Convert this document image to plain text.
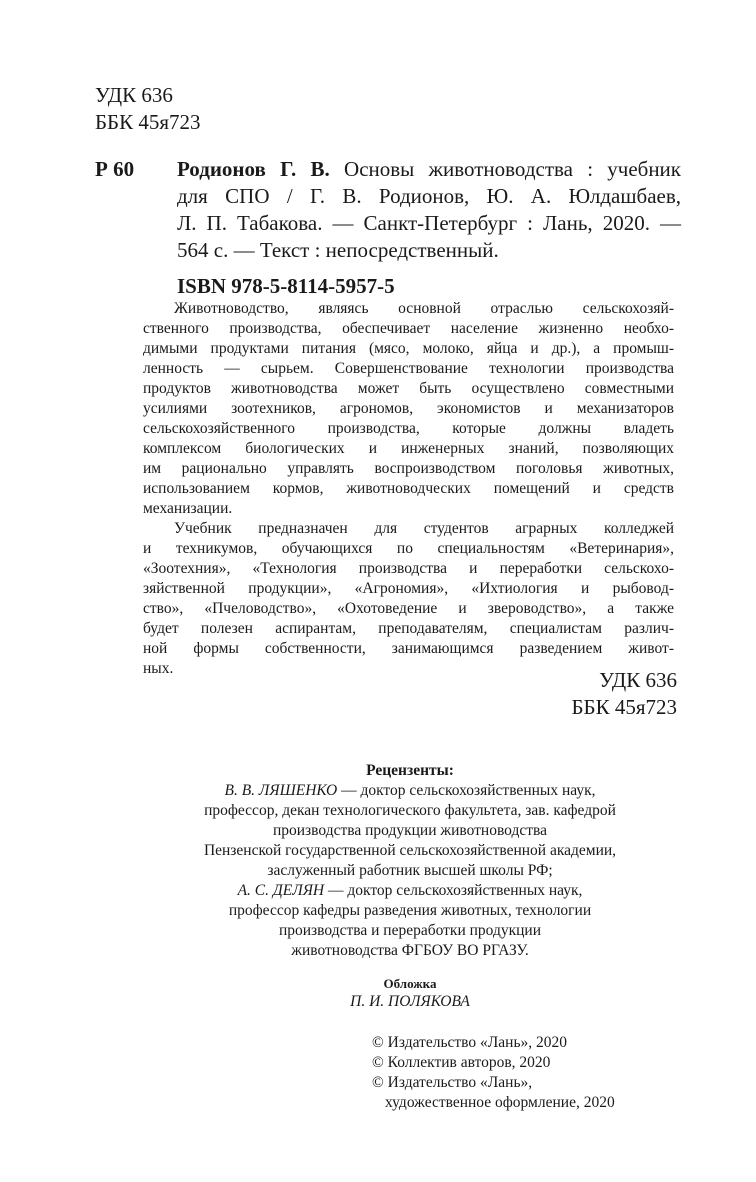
УДК 636
ББК 45я723
Р 60 Родионов Г. В. Основы животноводства : учебник
для СПО / Г. В. Родионов, Ю. А. Юлдашбаев,
Л. П. Табакова. — Санкт-Петербург : Лань, 2020. —
564 с. — Текст : непосредственный.
ISBN 978-5-8114-5957-5
Животноводство, являясь основной отраслью сельскохозяй-
ственного производства, обеспечивает население жизненно необхо-
димыми продуктами питания (мясо, молоко, яйца и др.), а промыш-
ленность — сырьем. Совершенствование технологии производства
продуктов животноводства может быть осуществлено совместными
усилиями зоотехников, агрономов, экономистов и механизаторов
сельскохозяйственного производства, которые должны владеть
комплексом биологических и инженерных знаний, позволяющих
им рационально управлять воспроизводством поголовья животных,
использованием кормов, животноводческих помещений и средств
механизации.
Учебник предназначен для студентов аграрных колледжей
и техникумов, обучающихся по специальностям «Ветеринария»,
«Зоотехния», «Технология производства и переработки сельскохо-
зяйственной продукции», «Агрономия», «Ихтиология и рыбовод-
ство», «Пчеловодство», «Охотоведение и звероводство», а также
будет полезен аспирантам, преподавателям, специалистам различ-
ной формы собственности, занимающимся разведением живот-
ных.	УДК 636
ББК 45я723
Рецензенты:
В. В. ЛЯШЕНКО — доктор сельскохозяйственных наук,
профессор, декан технологического факультета, зав. кафедрой
производства продукции животноводства
Пензенской государственной сельскохозяйственной академии,
заслуженный работник высшей школы РФ;
А. С. ДЕЛЯН — доктор сельскохозяйственных наук,
профессор кафедры разведения животных, технологии
производства и переработки продукции
животноводства ФГБОУ ВО РГАЗУ.
Обложка
П. И. ПОЛЯКОВА
© Издательство «Лань», 2020
© Коллектив авторов, 2020
© Издательство «Лань»,
художественное оформление, 2020
